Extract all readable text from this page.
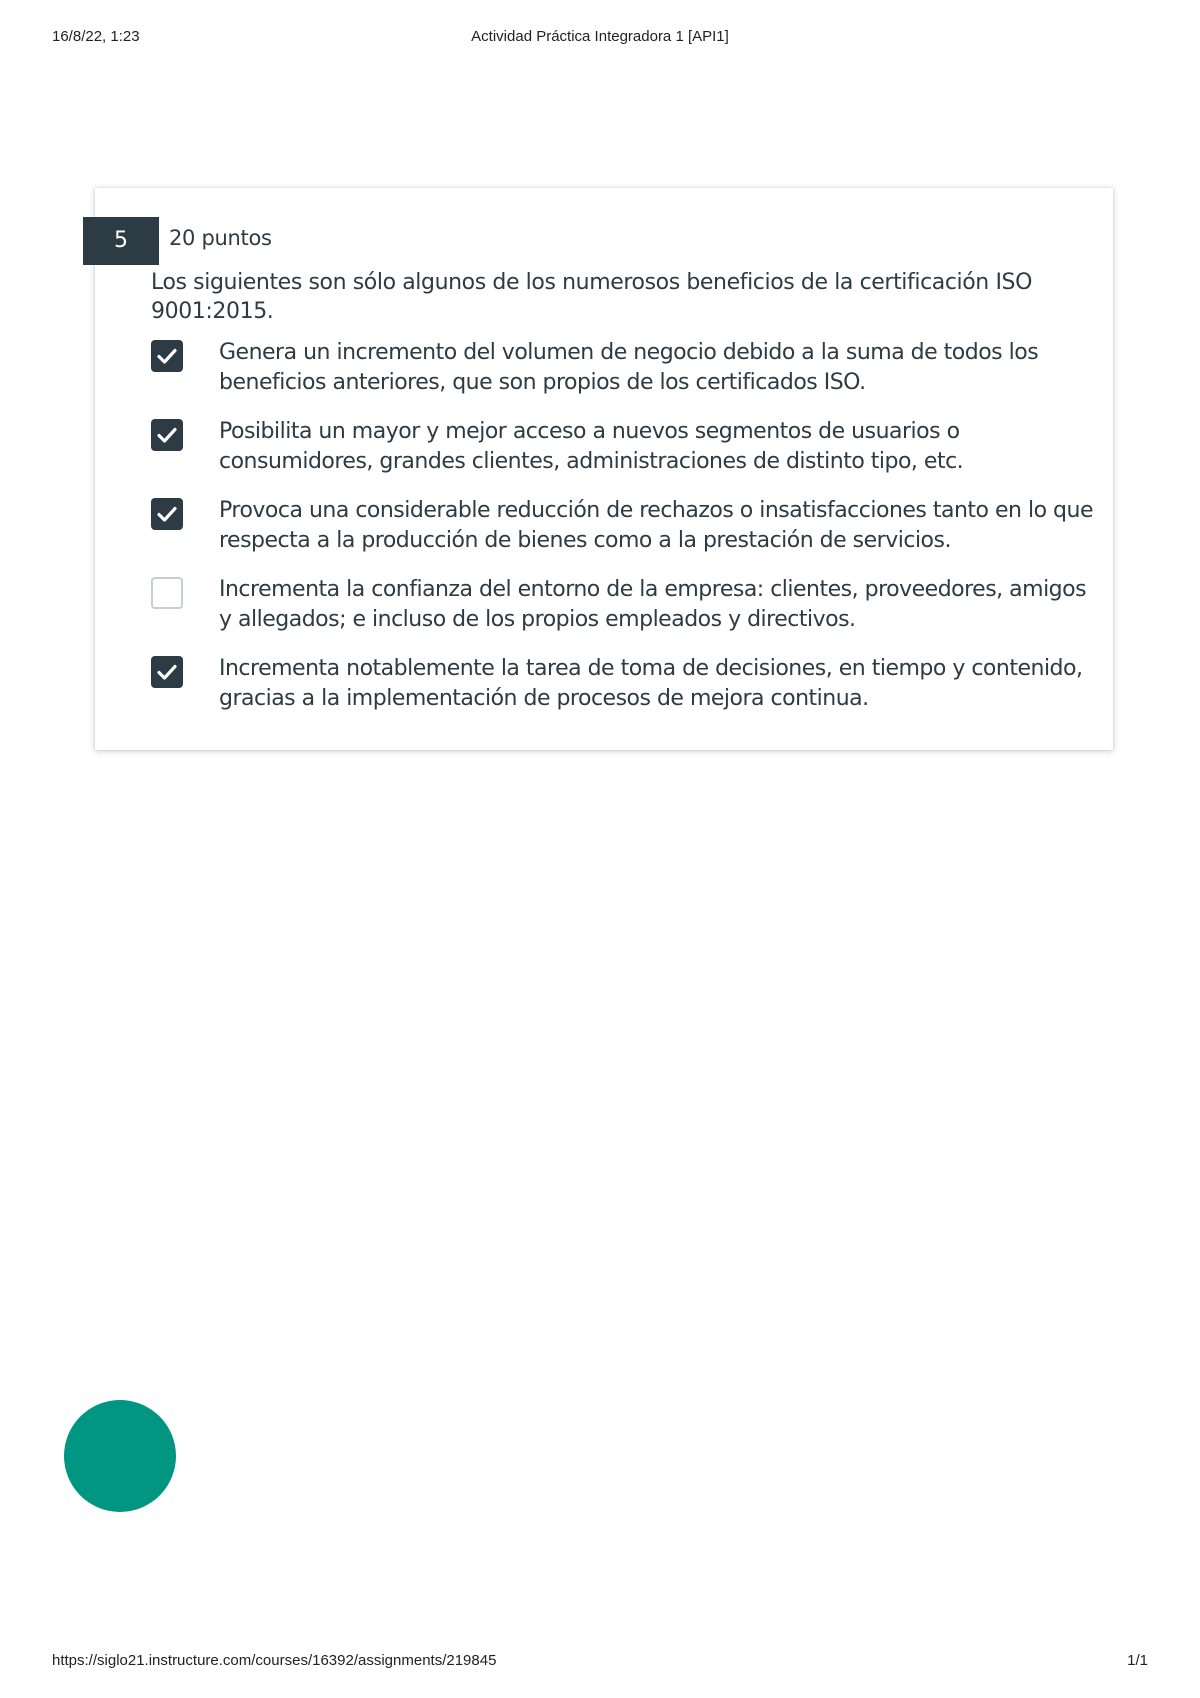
16/8/22, 1:23	Actividad Práctica Integradora 1 [API1]
5	20 puntos
Los siguientes son sólo algunos de los numerosos beneficios de la certificación ISO 9001:2015.
Genera un incremento del volumen de negocio debido a la suma de todos los beneficios anteriores, que son propios de los certificados ISO.
Posibilita un mayor y mejor acceso a nuevos segmentos de usuarios o consumidores, grandes clientes, administraciones de distinto tipo, etc.
Provoca una considerable reducción de rechazos o insatisfacciones tanto en lo que respecta a la producción de bienes como a la prestación de servicios.
Incrementa la confianza del entorno de la empresa: clientes, proveedores, amigos y allegados; e incluso de los propios empleados y directivos.
Incrementa notablemente la tarea de toma de decisiones, en tiempo y contenido, gracias a la implementación de procesos de mejora continua.
https://siglo21.instructure.com/courses/16392/assignments/219845	1/1
